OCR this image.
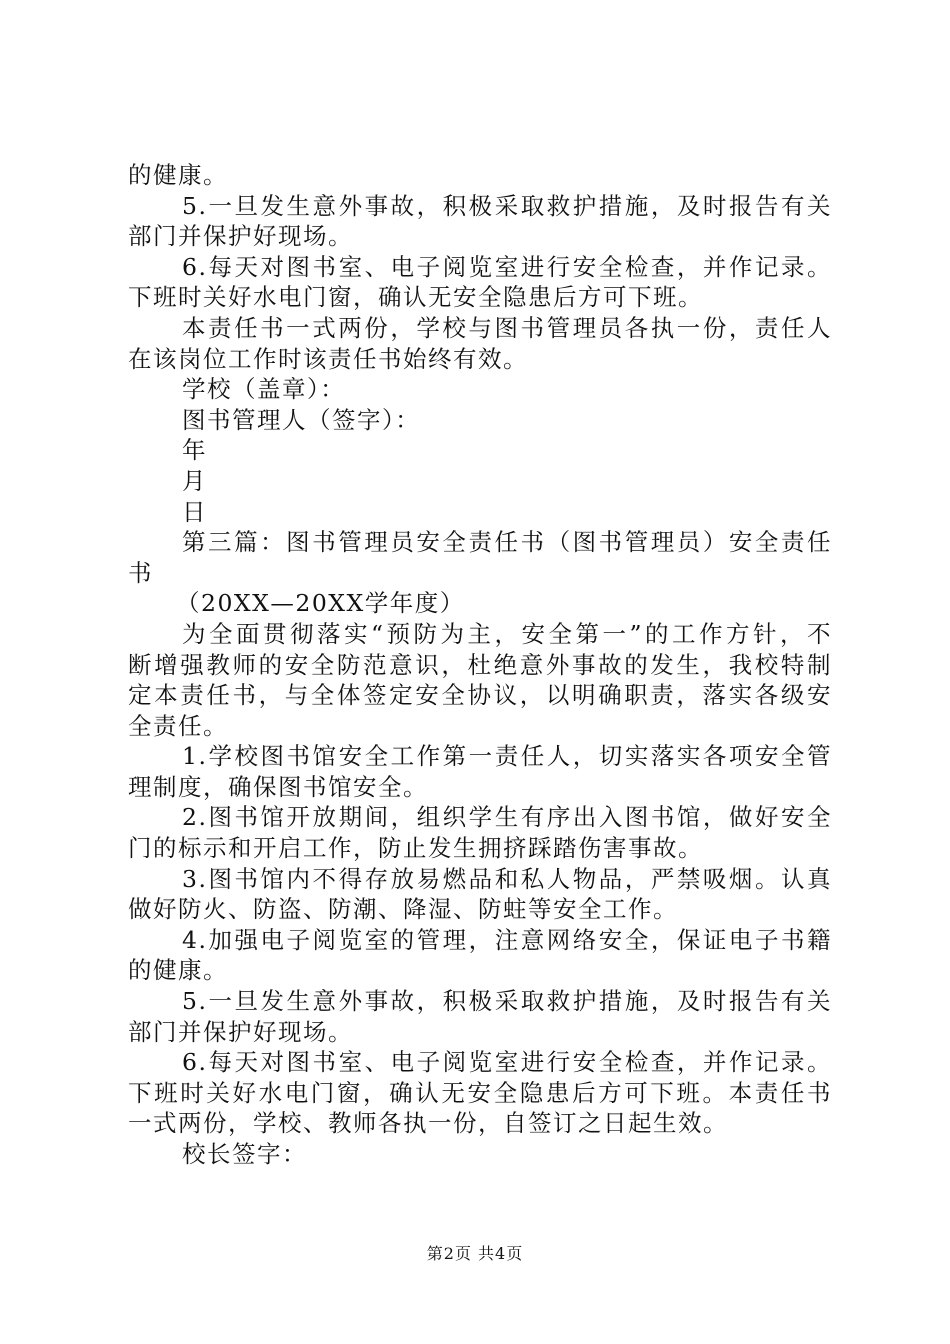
的健康。
5.一旦发生意外事故，积极采取救护措施，及时报告有关
部门并保护好现场。
6.每天对图书室、电子阅览室进行安全检查，并作记录。
下班时关好水电门窗，确认无安全隐患后方可下班。
本责任书一式两份，学校与图书管理员各执一份，责任人
在该岗位工作时该责任书始终有效。
学校（盖章）：
图书管理人（签字）：
年
月
日
第三篇：图书管理员安全责任书（图书管理员）安全责任
书
（20XX—20XX学年度）
为全面贯彻落实“预防为主，安全第一”的工作方针，不
断增强教师的安全防范意识，杜绝意外事故的发生，我校特制
定本责任书，与全体签定安全协议，以明确职责，落实各级安
全责任。
1.学校图书馆安全工作第一责任人，切实落实各项安全管
理制度，确保图书馆安全。
2.图书馆开放期间，组织学生有序出入图书馆，做好安全
门的标示和开启工作，防止发生拥挤踩踏伤害事故。
3.图书馆内不得存放易燃品和私人物品，严禁吸烟。认真
做好防火、防盗、防潮、降湿、防蛀等安全工作。
4.加强电子阅览室的管理，注意网络安全，保证电子书籍
的健康。
5.一旦发生意外事故，积极采取救护措施，及时报告有关
部门并保护好现场。
6.每天对图书室、电子阅览室进行安全检查，并作记录。
下班时关好水电门窗，确认无安全隐患后方可下班。本责任书
一式两份，学校、教师各执一份，自签订之日起生效。
校长签字：
第2页 共4页
